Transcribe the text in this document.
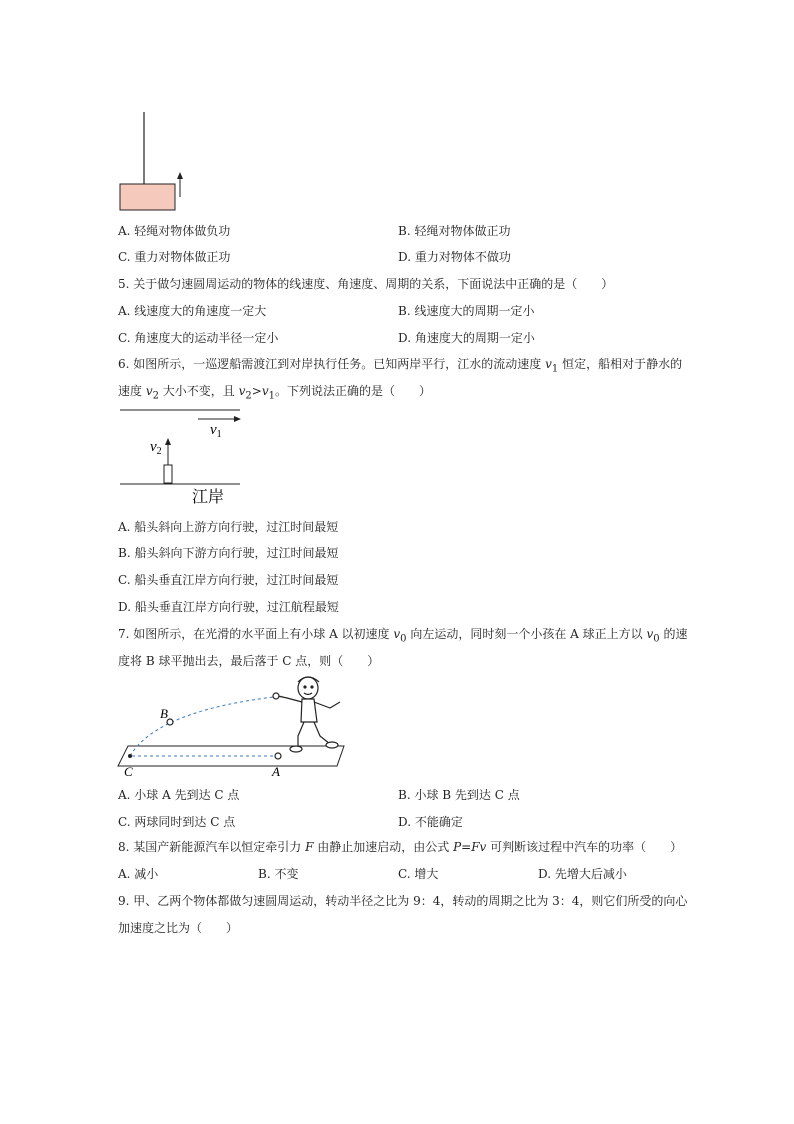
A. 轻绳对物体做负功	B. 轻绳对物体做正功
C. 重力对物体做正功	D. 重力对物体不做功
5. 关于做匀速圆周运动的物体的线速度、角速度、周期的关系，下面说法中正确的是（　　）
A. 线速度大的角速度一定大	B. 线速度大的周期一定小
C. 角速度大的运动半径一定小	D. 角速度大的周期一定小
6. 如图所示，一巡逻船需渡江到对岸执行任务。已知两岸平行，江水的流动速度 $v_1$ 恒定，船相对于静水的
速度 $v_2$ 大小不变，且 $v_2>v_1$。下列说法正确的是（　　）
$v_1$
$v_2$
江岸
A. 船头斜向上游方向行驶，过江时间最短
B. 船头斜向下游方向行驶，过江时间最短
C. 船头垂直江岸方向行驶，过江时间最短
D. 船头垂直江岸方向行驶，过江航程最短
7. 如图所示，在光滑的水平面上有小球 A 以初速度 $v_0$ 向左运动，同时刻一个小孩在 A 球正上方以 $v_0$ 的速
度将 B 球平抛出去，最后落于 C 点，则（　　）
B
C	A
A. 小球 A 先到达 C 点	B. 小球 B 先到达 C 点
C. 两球同时到达 C 点	D. 不能确定
8. 某国产新能源汽车以恒定牵引力 F 由静止加速启动，由公式 P=Fv 可判断该过程中汽车的功率（　　）
A. 减小	B. 不变	C. 增大	D. 先增大后减小
9. 甲、乙两个物体都做匀速圆周运动，转动半径之比为 9：4，转动的周期之比为 3：4，则它们所受的向心
加速度之比为（　　）
